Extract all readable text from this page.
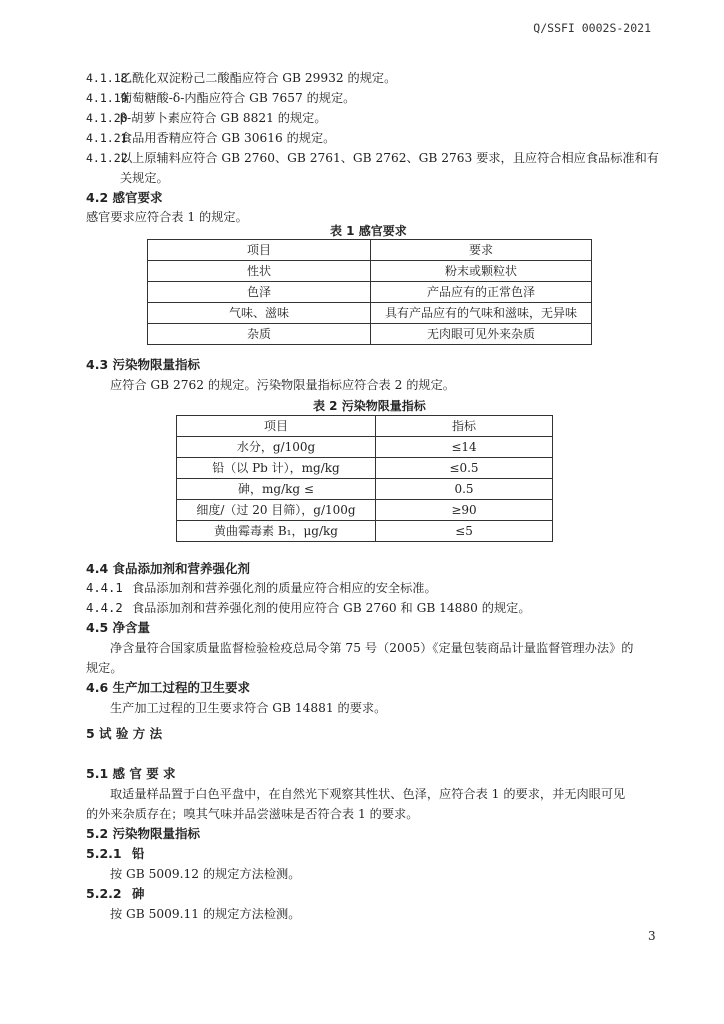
Q/SSFI 0002S-2021
4.1.18乙酰化双淀粉己二酸酯应符合 GB 29932 的规定。
4.1.19葡萄糖酸-δ-内酯应符合 GB 7657 的规定。
4.1.20β-胡萝卜素应符合 GB 8821 的规定。
4.1.21食品用香精应符合 GB 30616 的规定。
4.1.22以上原辅料应符合 GB 2760、GB 2761、GB 2762、GB 2763 要求，且应符合相应食品标准和有
关规定。
4.2 感官要求
感官要求应符合表 1 的规定。
表 1 感官要求
项目	要求
性状	粉末或颗粒状
色泽	产品应有的正常色泽
气味、滋味	具有产品应有的气味和滋味，无异味
杂质	无肉眼可见外来杂质
4.3 污染物限量指标
应符合 GB 2762 的规定。污染物限量指标应符合表 2 的规定。
表 2 污染物限量指标
项目	指标
水分，g/100g	≤14
铅（以 Pb 计），mg/kg	≤0.5
砷，mg/kg ≤	0.5
细度/（过 20 目筛），g/100g	≥90
黄曲霉毒素 B₁，μg/kg	≤5
4.4 食品添加剂和营养强化剂
4.4.1 食品添加剂和营养强化剂的质量应符合相应的安全标准。
4.4.2 食品添加剂和营养强化剂的使用应符合 GB 2760 和 GB 14880 的规定。
4.5 净含量
净含量符合国家质量监督检验检疫总局令第 75 号（2005）《定量包装商品计量监督管理办法》的
规定。
4.6 生产加工过程的卫生要求
生产加工过程的卫生要求符合 GB 14881 的要求。
5 试 验 方 法
5.1 感 官 要 求
取适量样品置于白色平盘中，在自然光下观察其性状、色泽，应符合表 1 的要求，并无肉眼可见
的外来杂质存在；嗅其气味并品尝滋味是否符合表 1 的要求。
5.2 污染物限量指标
5.2.1 铅
按 GB 5009.12 的规定方法检测。
5.2.2 砷
按 GB 5009.11 的规定方法检测。
3
